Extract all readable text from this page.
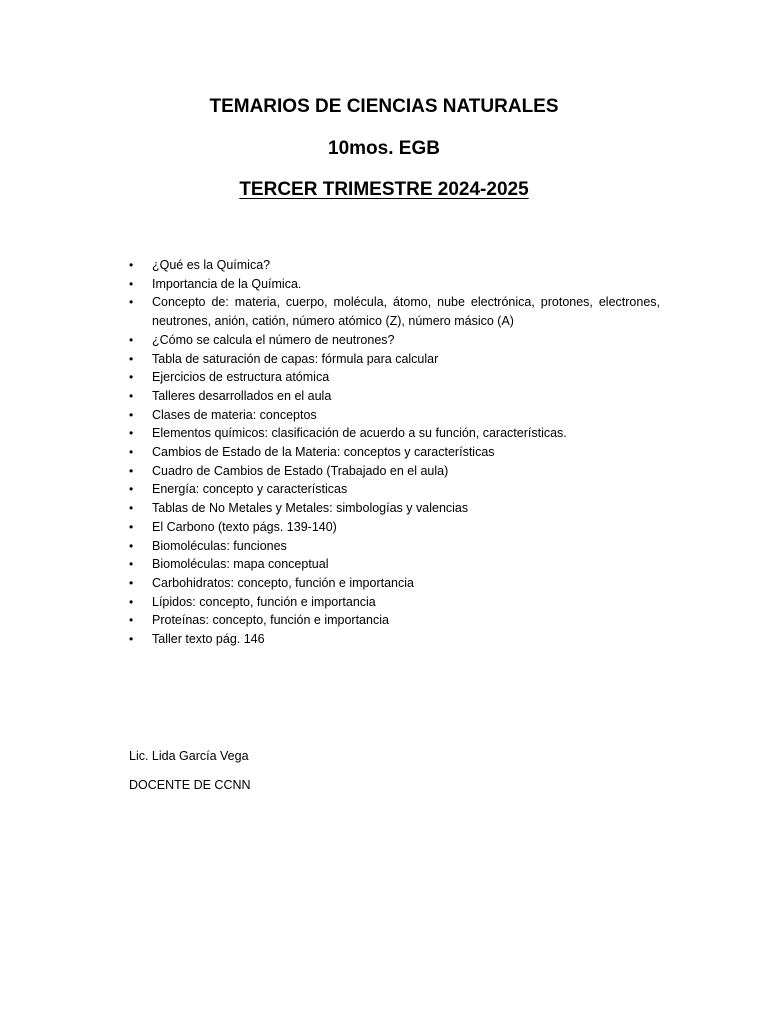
TEMARIOS DE CIENCIAS NATURALES
10mos. EGB
TERCER TRIMESTRE 2024-2025
• ¿Qué es la Química?
• Importancia de la Química.
• Concepto de: materia, cuerpo, molécula, átomo, nube electrónica, protones, electrones, neutrones, anión, catión, número atómico (Z), número másico (A)
• ¿Cómo se calcula el número de neutrones?
• Tabla de saturación de capas: fórmula para calcular
• Ejercicios de estructura atómica
• Talleres desarrollados en el aula
• Clases de materia: conceptos
• Elementos químicos: clasificación de acuerdo a su función, características.
• Cambios de Estado de la Materia: conceptos y características
• Cuadro de Cambios de Estado (Trabajado en el aula)
• Energía: concepto y características
• Tablas de No Metales y Metales: simbologías y valencias
• El Carbono (texto págs. 139-140)
• Biomoléculas: funciones
• Biomoléculas: mapa conceptual
• Carbohidratos: concepto, función e importancia
• Lípidos: concepto, función e importancia
• Proteínas: concepto, función e importancia
• Taller texto pág. 146

Lic. Lida García Vega

DOCENTE DE CCNN
